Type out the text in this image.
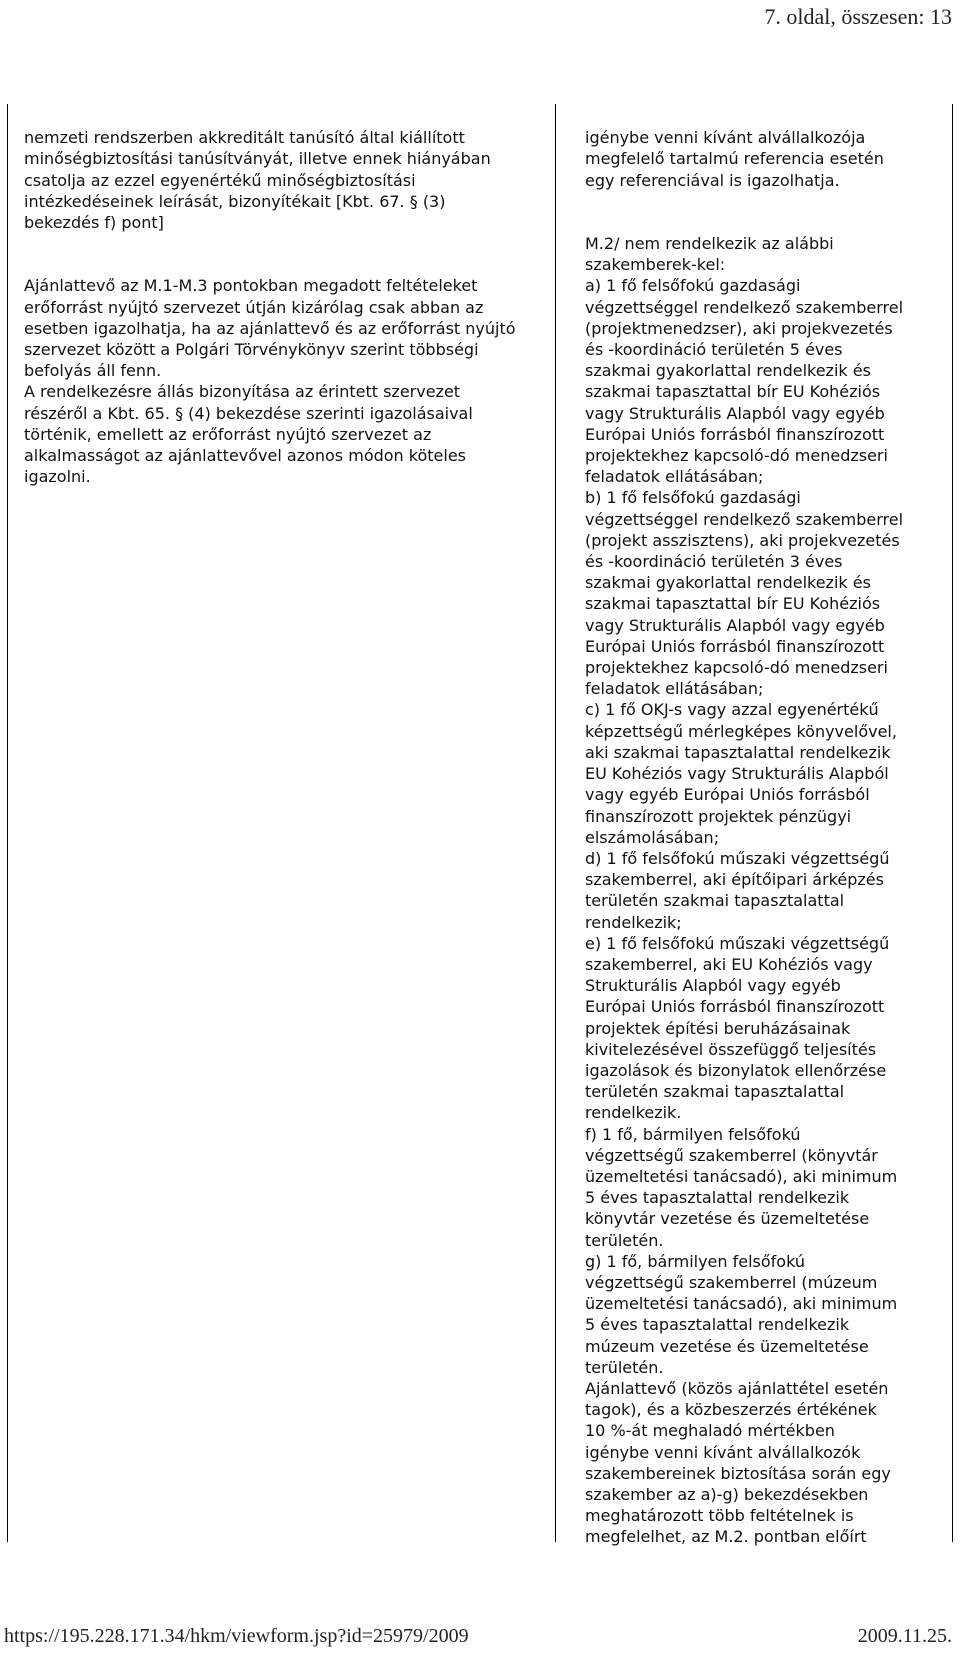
7. oldal, összesen: 13

nemzeti rendszerben akkreditált tanúsító által kiállított
minőségbiztosítási tanúsítványát, illetve ennek hiányában
csatolja az ezzel egyenértékű minőségbiztosítási
intézkedéseinek leírását, bizonyítékait [Kbt. 67. § (3)
bekezdés f) pont]

Ajánlattevő az M.1-M.3 pontokban megadott feltételeket
erőforrást nyújtó szervezet útján kizárólag csak abban az
esetben igazolhatja, ha az ajánlattevő és az erőforrást nyújtó
szervezet között a Polgári Törvénykönyv szerint többségi
befolyás áll fenn.
A rendelkezésre állás bizonyítása az érintett szervezet
részéről a Kbt. 65. § (4) bekezdése szerinti igazolásaival
történik, emellett az erőforrást nyújtó szervezet az
alkalmasságot az ajánlattevővel azonos módon köteles
igazolni.

igénybe venni kívánt alvállalkozója
megfelelő tartalmú referencia esetén
egy referenciával is igazolhatja.

M.2/ nem rendelkezik az alábbi
szakemberek-kel:
a) 1 fő felsőfokú gazdasági
végzettséggel rendelkező szakemberrel
(projektmenedzser), aki projekvezetés
és -koordináció területén 5 éves
szakmai gyakorlattal rendelkezik és
szakmai tapasztattal bír EU Kohéziós
vagy Strukturális Alapból vagy egyéb
Európai Uniós forrásból finanszírozott
projektekhez kapcsoló-dó menedzseri
feladatok ellátásában;
b) 1 fő felsőfokú gazdasági
végzettséggel rendelkező szakemberrel
(projekt asszisztens), aki projekvezetés
és -koordináció területén 3 éves
szakmai gyakorlattal rendelkezik és
szakmai tapasztattal bír EU Kohéziós
vagy Strukturális Alapból vagy egyéb
Európai Uniós forrásból finanszírozott
projektekhez kapcsoló-dó menedzseri
feladatok ellátásában;
c) 1 fő OKJ-s vagy azzal egyenértékű
képzettségű mérlegképes könyvelővel,
aki szakmai tapasztalattal rendelkezik
EU Kohéziós vagy Strukturális Alapból
vagy egyéb Európai Uniós forrásból
finanszírozott projektek pénzügyi
elszámolásában;
d) 1 fő felsőfokú műszaki végzettségű
szakemberrel, aki építőipari árképzés
területén szakmai tapasztalattal
rendelkezik;
e) 1 fő felsőfokú műszaki végzettségű
szakemberrel, aki EU Kohéziós vagy
Strukturális Alapból vagy egyéb
Európai Uniós forrásból finanszírozott
projektek építési beruházásainak
kivitelezésével összefüggő teljesítés
igazolások és bizonylatok ellenőrzése
területén szakmai tapasztalattal
rendelkezik.
f) 1 fő, bármilyen felsőfokú
végzettségű szakemberrel (könyvtár
üzemeltetési tanácsadó), aki minimum
5 éves tapasztalattal rendelkezik
könyvtár vezetése és üzemeltetése
területén.
g) 1 fő, bármilyen felsőfokú
végzettségű szakemberrel (múzeum
üzemeltetési tanácsadó), aki minimum
5 éves tapasztalattal rendelkezik
múzeum vezetése és üzemeltetése
területén.
Ajánlattevő (közös ajánlattétel esetén
tagok), és a közbeszerzés értékének
10 %-át meghaladó mértékben
igénybe venni kívánt alvállalkozók
szakembereinek biztosítása során egy
szakember az a)-g) bekezdésekben
meghatározott több feltételnek is
megfelelhet, az M.2. pontban előírt

https://195.228.171.34/hkm/viewform.jsp?id=25979/2009	2009.11.25.
